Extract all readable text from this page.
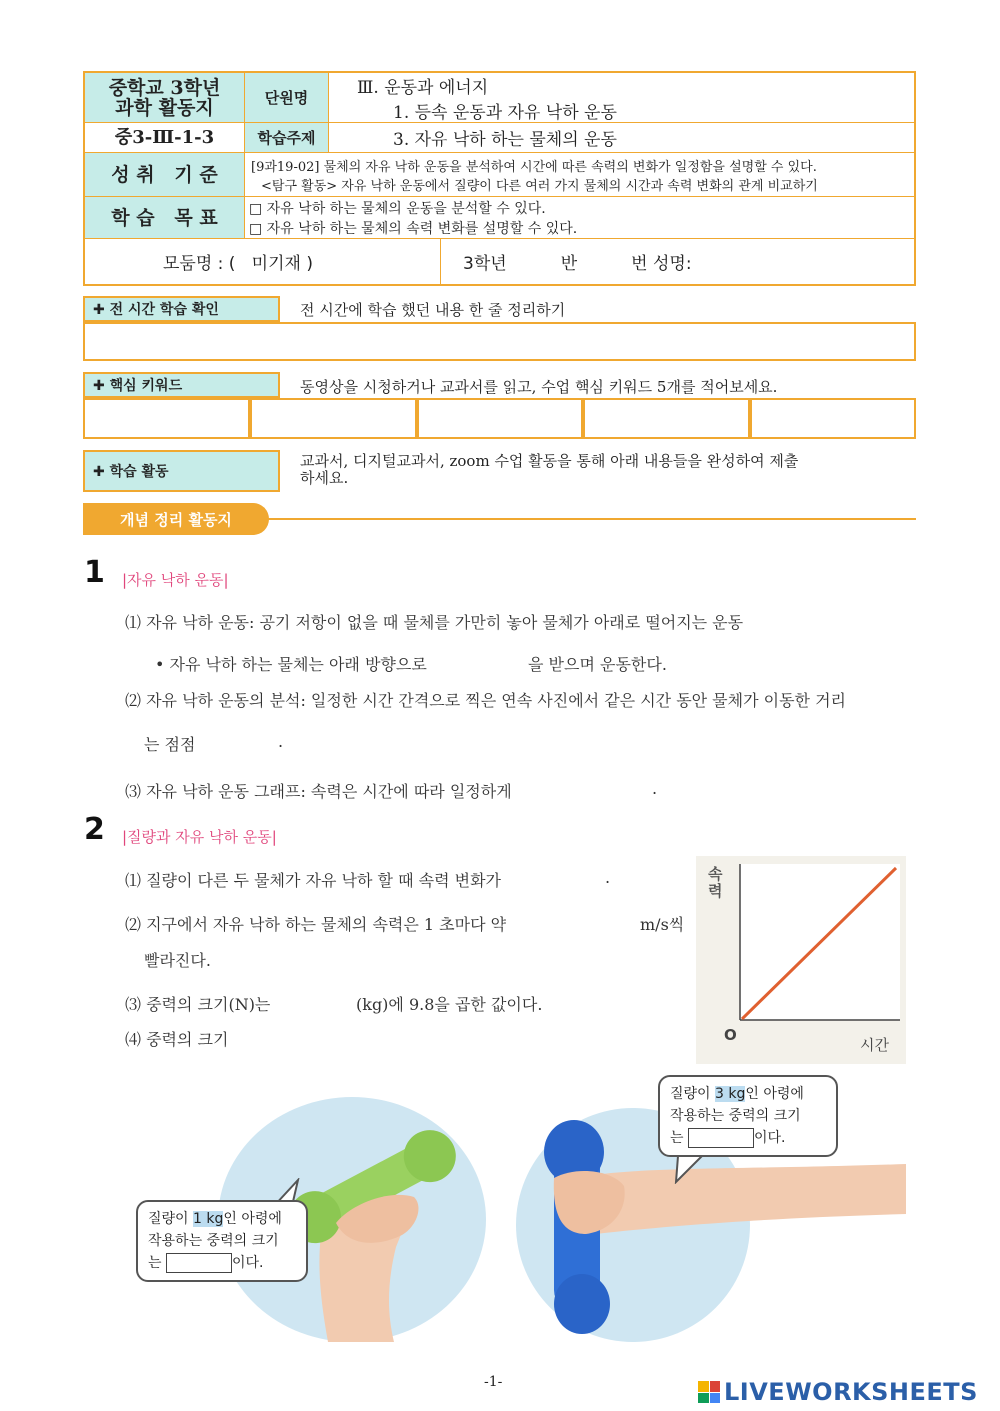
중학교 3학년
과학 활동지	단원명
Ⅲ. 운동과 에너지
1. 등속 운동과 자유 낙하 운동
중3-Ⅲ-1-3	학습주제	3. 자유 낙하 하는 물체의 운동
성 취   기 준	[9과19-02] 물체의 자유 낙하 운동을 분석하여 시간에 따른 속력의 변화가 일정함을 설명할 수 있다.
<탐구 활동> 자유 낙하 운동에서 질량이 다른 여러 가지 물체의 시간과 속력 변화의 관계 비교하기
학 습   목 표 □ 자유 낙하 하는 물체의 운동을 분석할 수 있다.
□ 자유 낙하 하는 물체의 속력 변화를 설명할 수 있다.
모둠명 : (   미기재 )	3학년          반          번 성명:
✚ 전 시간 학습 확인	전 시간에 학습 했던 내용 한 줄 정리하기
✚ 핵심 키워드	동영상을 시청하거나 교과서를 읽고, 수업 핵심 키워드 5개를 적어보세요.
✚ 학습 활동
교과서, 디지털교과서, zoom 수업 활동을 통해 아래 내용들을 완성하여 제출
하세요.
개념 정리 활동지
1 |자유 낙하 운동|
⑴ 자유 낙하 운동: 공기 저항이 없을 때 물체를 가만히 놓아 물체가 아래로 떨어지는 운동
• 자유 낙하 하는 물체는 아래 방향으로	을 받으며 운동한다.
⑵ 자유 낙하 운동의 분석: 일정한 시간 간격으로 찍은 연속 사진에서 같은 시간 동안 물체가 이동한 거리
는 점점	.
⑶ 자유 낙하 운동 그래프: 속력은 시간에 따라 일정하게	.
2 |질량과 자유 낙하 운동|
⑴ 질량이 다른 두 물체가 자유 낙하 할 때 속력 변화가	.
⑵ 지구에서 자유 낙하 하는 물체의 속력은 1 초마다 약	m/s씩
빨라진다.
⑶ 중력의 크기(N)는	(kg)에 9.8을 곱한 값이다.
⑷ 중력의 크기
속력
시간
O
질량이 1 kg인 아령에
작용하는 중력의 크기
는	이다.
질량이 3 kg인 아령에
작용하는 중력의 크기
는	이다.
-1-	LIVEWORKSHEETS
